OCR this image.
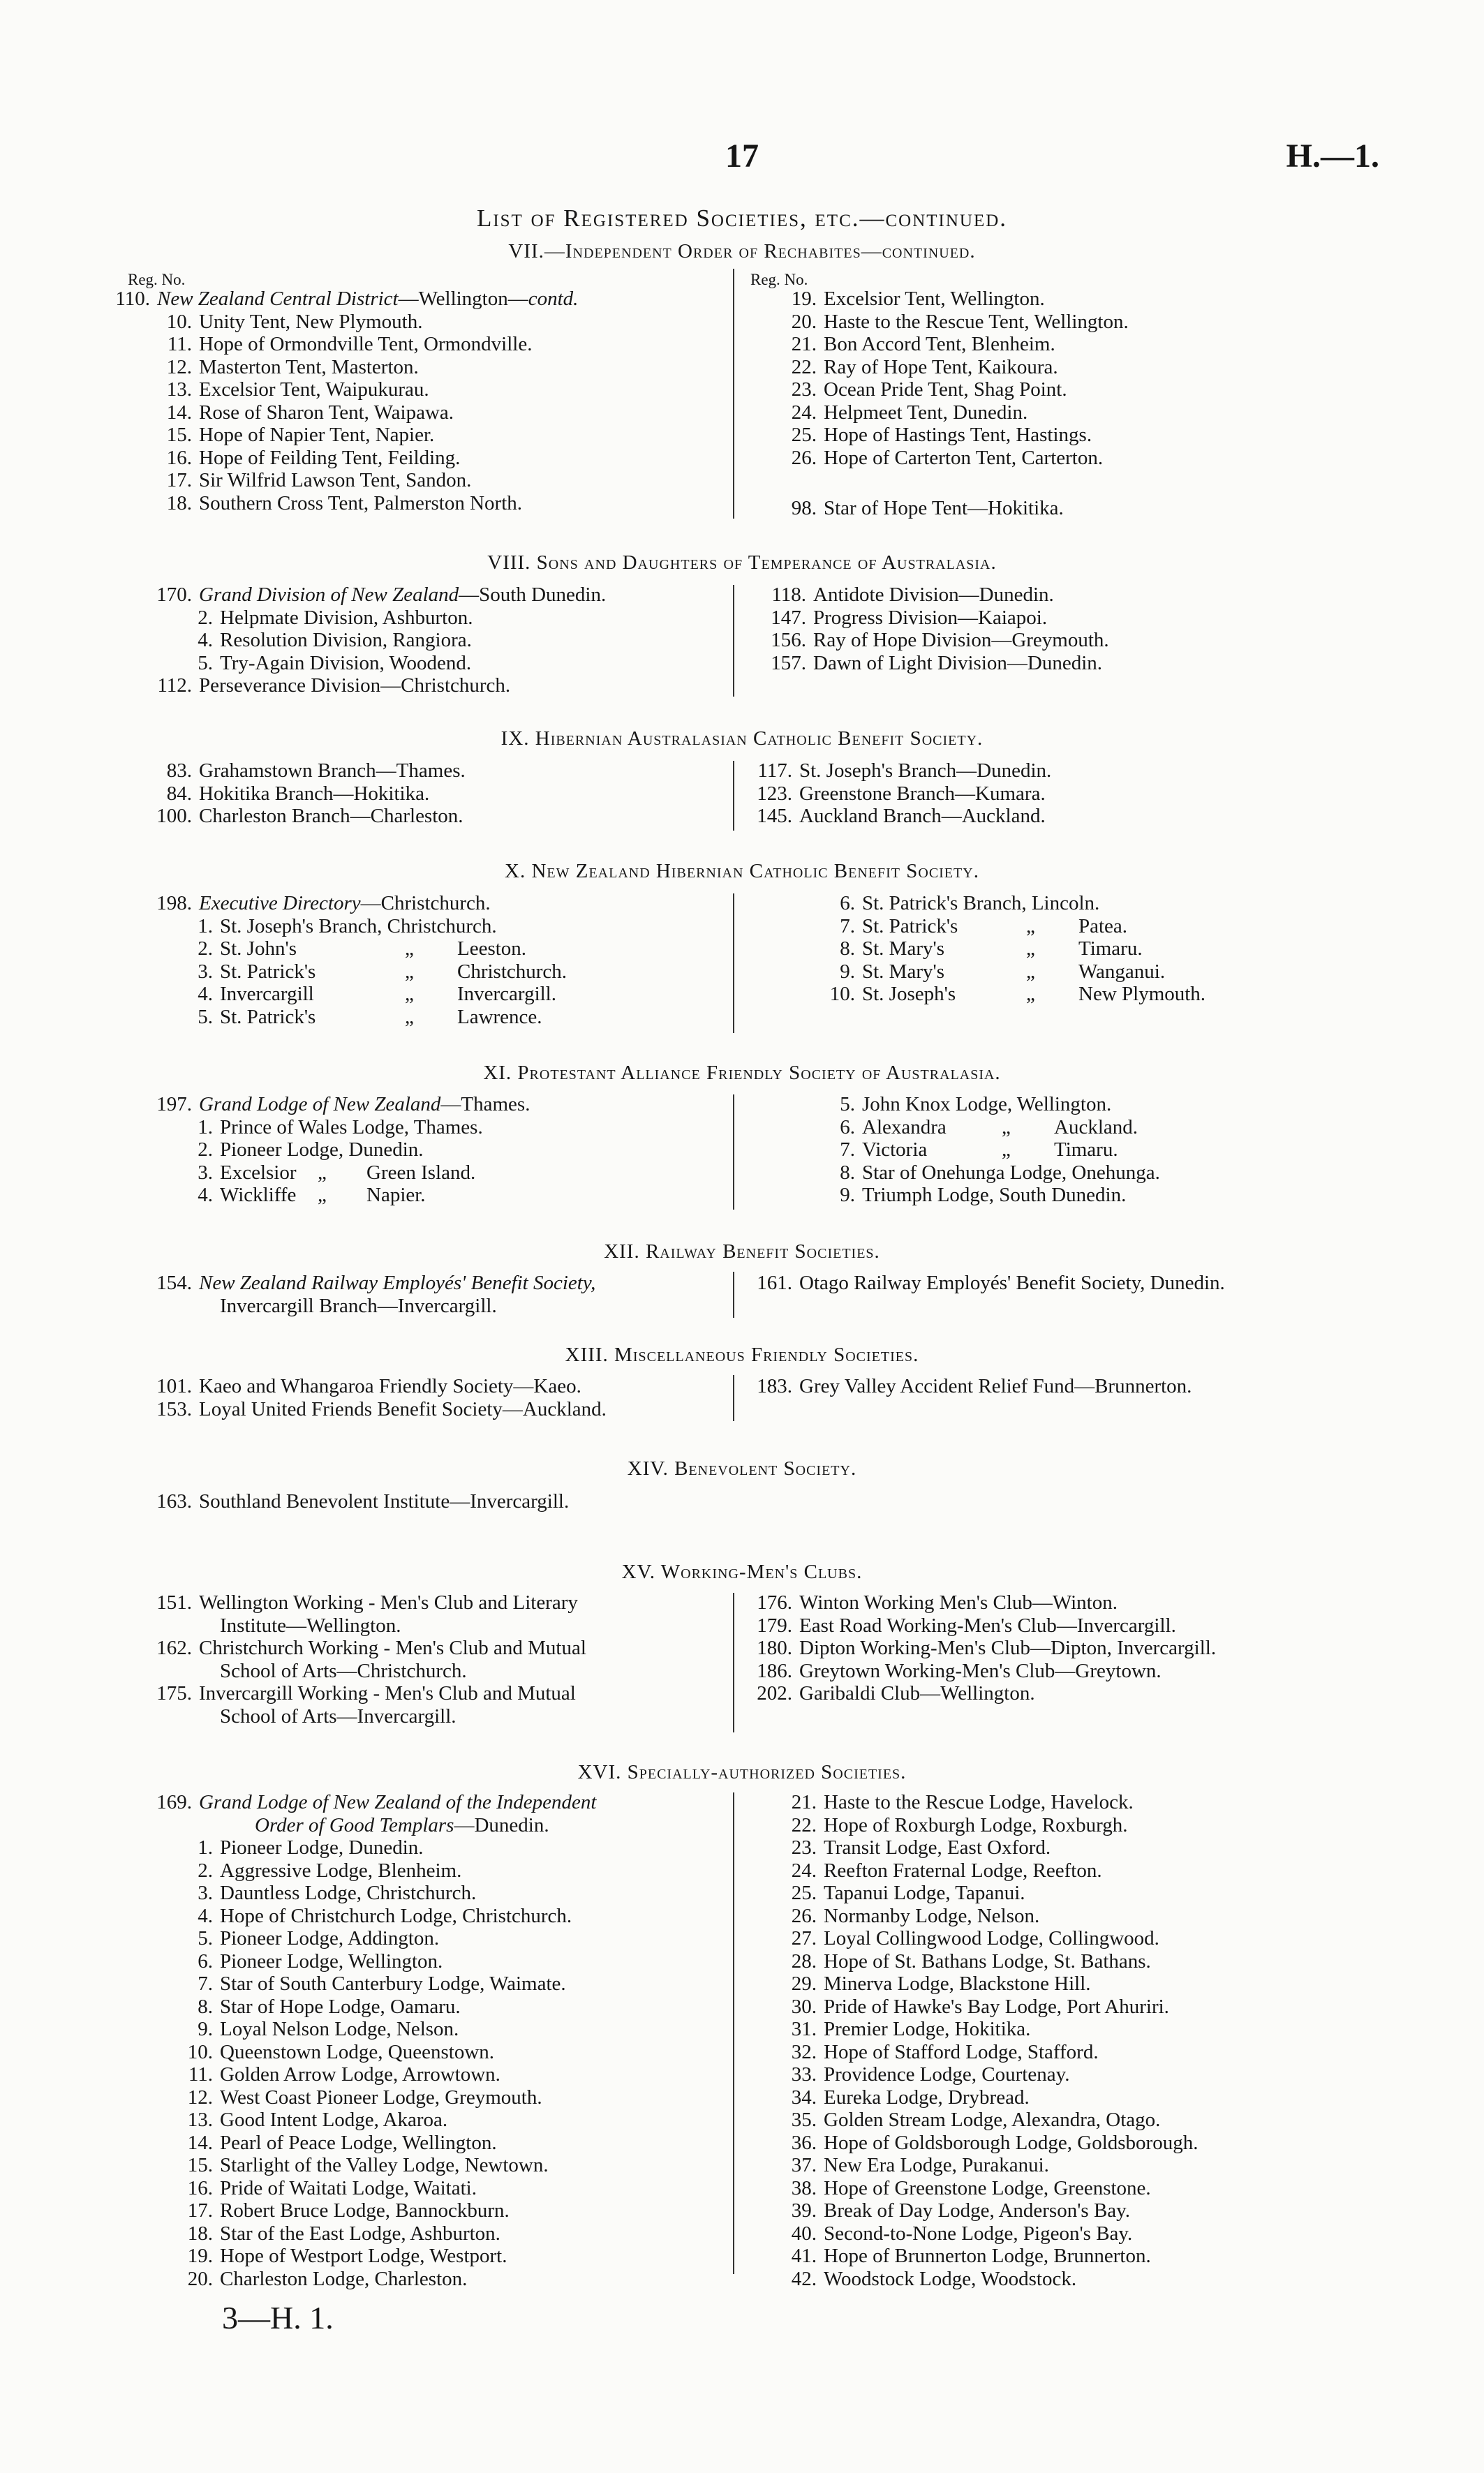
17	H.—1.
List of Registered Societies, etc.—continued.
VII.—Independent Order of Rechabites—continued.
Reg. No.	Reg. No.
110. New Zealand Central District—Wellington—contd.
10. Unity Tent, New Plymouth.
11. Hope of Ormondville Tent, Ormondville.
12. Masterton Tent, Masterton.
13. Excelsior Tent, Waipukurau.
14. Rose of Sharon Tent, Waipawa.
15. Hope of Napier Tent, Napier.
16. Hope of Feilding Tent, Feilding.
17. Sir Wilfrid Lawson Tent, Sandon.
18. Southern Cross Tent, Palmerston North.
19. Excelsior Tent, Wellington.
20. Haste to the Rescue Tent, Wellington.
21. Bon Accord Tent, Blenheim.
22. Ray of Hope Tent, Kaikoura.
23. Ocean Pride Tent, Shag Point.
24. Helpmeet Tent, Dunedin.
25. Hope of Hastings Tent, Hastings.
26. Hope of Carterton Tent, Carterton.
98. Star of Hope Tent—Hokitika.
VIII. Sons and Daughters of Temperance of Australasia.
170. Grand Division of New Zealand—South Dunedin.
2. Helpmate Division, Ashburton.
4. Resolution Division, Rangiora.
5. Try-Again Division, Woodend.
112. Perseverance Division—Christchurch.
118. Antidote Division—Dunedin.
147. Progress Division—Kaiapoi.
156. Ray of Hope Division—Greymouth.
157. Dawn of Light Division—Dunedin.
IX. Hibernian Australasian Catholic Benefit Society.
83. Grahamstown Branch—Thames.
84. Hokitika Branch—Hokitika.
100. Charleston Branch—Charleston.
117. St. Joseph's Branch—Dunedin.
123. Greenstone Branch—Kumara.
145. Auckland Branch—Auckland.
X. New Zealand Hibernian Catholic Benefit Society.
198. Executive Directory—Christchurch.
1. St. Joseph's Branch, Christchurch.
2. St. John's	„	Leeston.
3. St. Patrick's	„	Christchurch.
4. Invercargill	„	Invercargill.
5. St. Patrick's	„	Lawrence.
6. St. Patrick's Branch, Lincoln.
7. St. Patrick's	„	Patea.
8. St. Mary's	„	Timaru.
9. St. Mary's	„	Wanganui.
10. St. Joseph's	„	New Plymouth.
XI. Protestant Alliance Friendly Society of Australasia.
197. Grand Lodge of New Zealand—Thames.
1. Prince of Wales Lodge, Thames.
2. Pioneer Lodge, Dunedin.
3. Excelsior	„	Green Island.
4. Wickliffe	„	Napier.
5. John Knox Lodge, Wellington.
6. Alexandra	„	Auckland.
7. Victoria	„	Timaru.
8. Star of Onehunga Lodge, Onehunga.
9. Triumph Lodge, South Dunedin.
XII. Railway Benefit Societies.
154. New Zealand Railway Employés' Benefit Society,
Invercargill Branch—Invercargill.
161. Otago Railway Employés' Benefit Society, Dunedin.
XIII. Miscellaneous Friendly Societies.
101. Kaeo and Whangaroa Friendly Society—Kaeo.
153. Loyal United Friends Benefit Society—Auckland.
183. Grey Valley Accident Relief Fund—Brunnerton.
XIV. Benevolent Society.
163. Southland Benevolent Institute—Invercargill.
XV. Working-Men's Clubs.
151. Wellington Working - Men's Club and Literary
Institute—Wellington.
162. Christchurch Working - Men's Club and Mutual
School of Arts—Christchurch.
175. Invercargill Working - Men's Club and Mutual
School of Arts—Invercargill.
176. Winton Working Men's Club—Winton.
179. East Road Working-Men's Club—Invercargill.
180. Dipton Working-Men's Club—Dipton, Invercargill.
186. Greytown Working-Men's Club—Greytown.
202. Garibaldi Club—Wellington.
XVI. Specially-authorized Societies.
169. Grand Lodge of New Zealand of the Independent
Order of Good Templars—Dunedin.
1. Pioneer Lodge, Dunedin.
2. Aggressive Lodge, Blenheim.
3. Dauntless Lodge, Christchurch.
4. Hope of Christchurch Lodge, Christchurch.
5. Pioneer Lodge, Addington.
6. Pioneer Lodge, Wellington.
7. Star of South Canterbury Lodge, Waimate.
8. Star of Hope Lodge, Oamaru.
9. Loyal Nelson Lodge, Nelson.
10. Queenstown Lodge, Queenstown.
11. Golden Arrow Lodge, Arrowtown.
12. West Coast Pioneer Lodge, Greymouth.
13. Good Intent Lodge, Akaroa.
14. Pearl of Peace Lodge, Wellington.
15. Starlight of the Valley Lodge, Newtown.
16. Pride of Waitati Lodge, Waitati.
17. Robert Bruce Lodge, Bannockburn.
18. Star of the East Lodge, Ashburton.
19. Hope of Westport Lodge, Westport.
20. Charleston Lodge, Charleston.
21. Haste to the Rescue Lodge, Havelock.
22. Hope of Roxburgh Lodge, Roxburgh.
23. Transit Lodge, East Oxford.
24. Reefton Fraternal Lodge, Reefton.
25. Tapanui Lodge, Tapanui.
26. Normanby Lodge, Nelson.
27. Loyal Collingwood Lodge, Collingwood.
28. Hope of St. Bathans Lodge, St. Bathans.
29. Minerva Lodge, Blackstone Hill.
30. Pride of Hawke's Bay Lodge, Port Ahuriri.
31. Premier Lodge, Hokitika.
32. Hope of Stafford Lodge, Stafford.
33. Providence Lodge, Courtenay.
34. Eureka Lodge, Drybread.
35. Golden Stream Lodge, Alexandra, Otago.
36. Hope of Goldsborough Lodge, Goldsborough.
37. New Era Lodge, Purakanui.
38. Hope of Greenstone Lodge, Greenstone.
39. Break of Day Lodge, Anderson's Bay.
40. Second-to-None Lodge, Pigeon's Bay.
41. Hope of Brunnerton Lodge, Brunnerton.
42. Woodstock Lodge, Woodstock.
3—H. 1.
